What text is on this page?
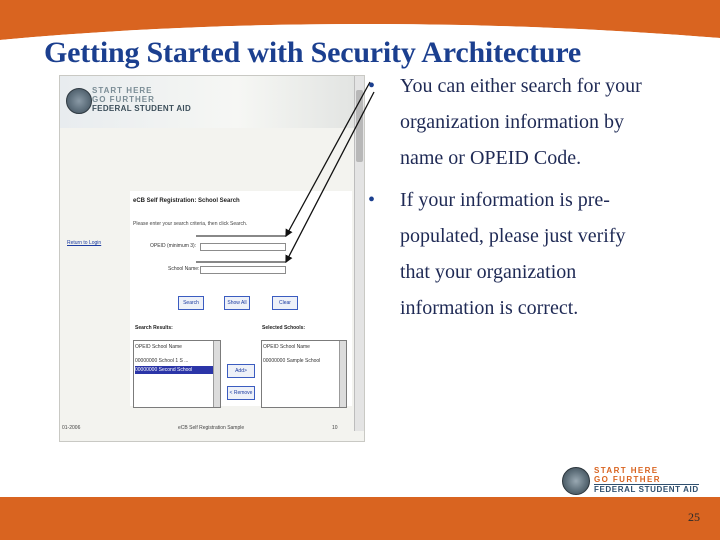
Getting Started with Security Architecture
START HERE
GO FURTHER
FEDERAL STUDENT AID
Return to Login
eCB Self Registration: School Search
Please enter your search criteria, then click Search.
OPEID (minimum 3):
School Name:
Search	Show All	Clear
Search Results:	Selected Schools:
OPEID School Name
00000000 School 1 S ...
00000000 Second School	Add>
< Remove
OPEID School Name
00000000 Sample School
01-2006	eCB Self Registration Sample	10

• You can either search for your organization information by name or OPEID Code.

• If your information is pre-populated, please just verify that your organization information is correct.

START HERE
GO FURTHER
FEDERAL STUDENT AID
25
